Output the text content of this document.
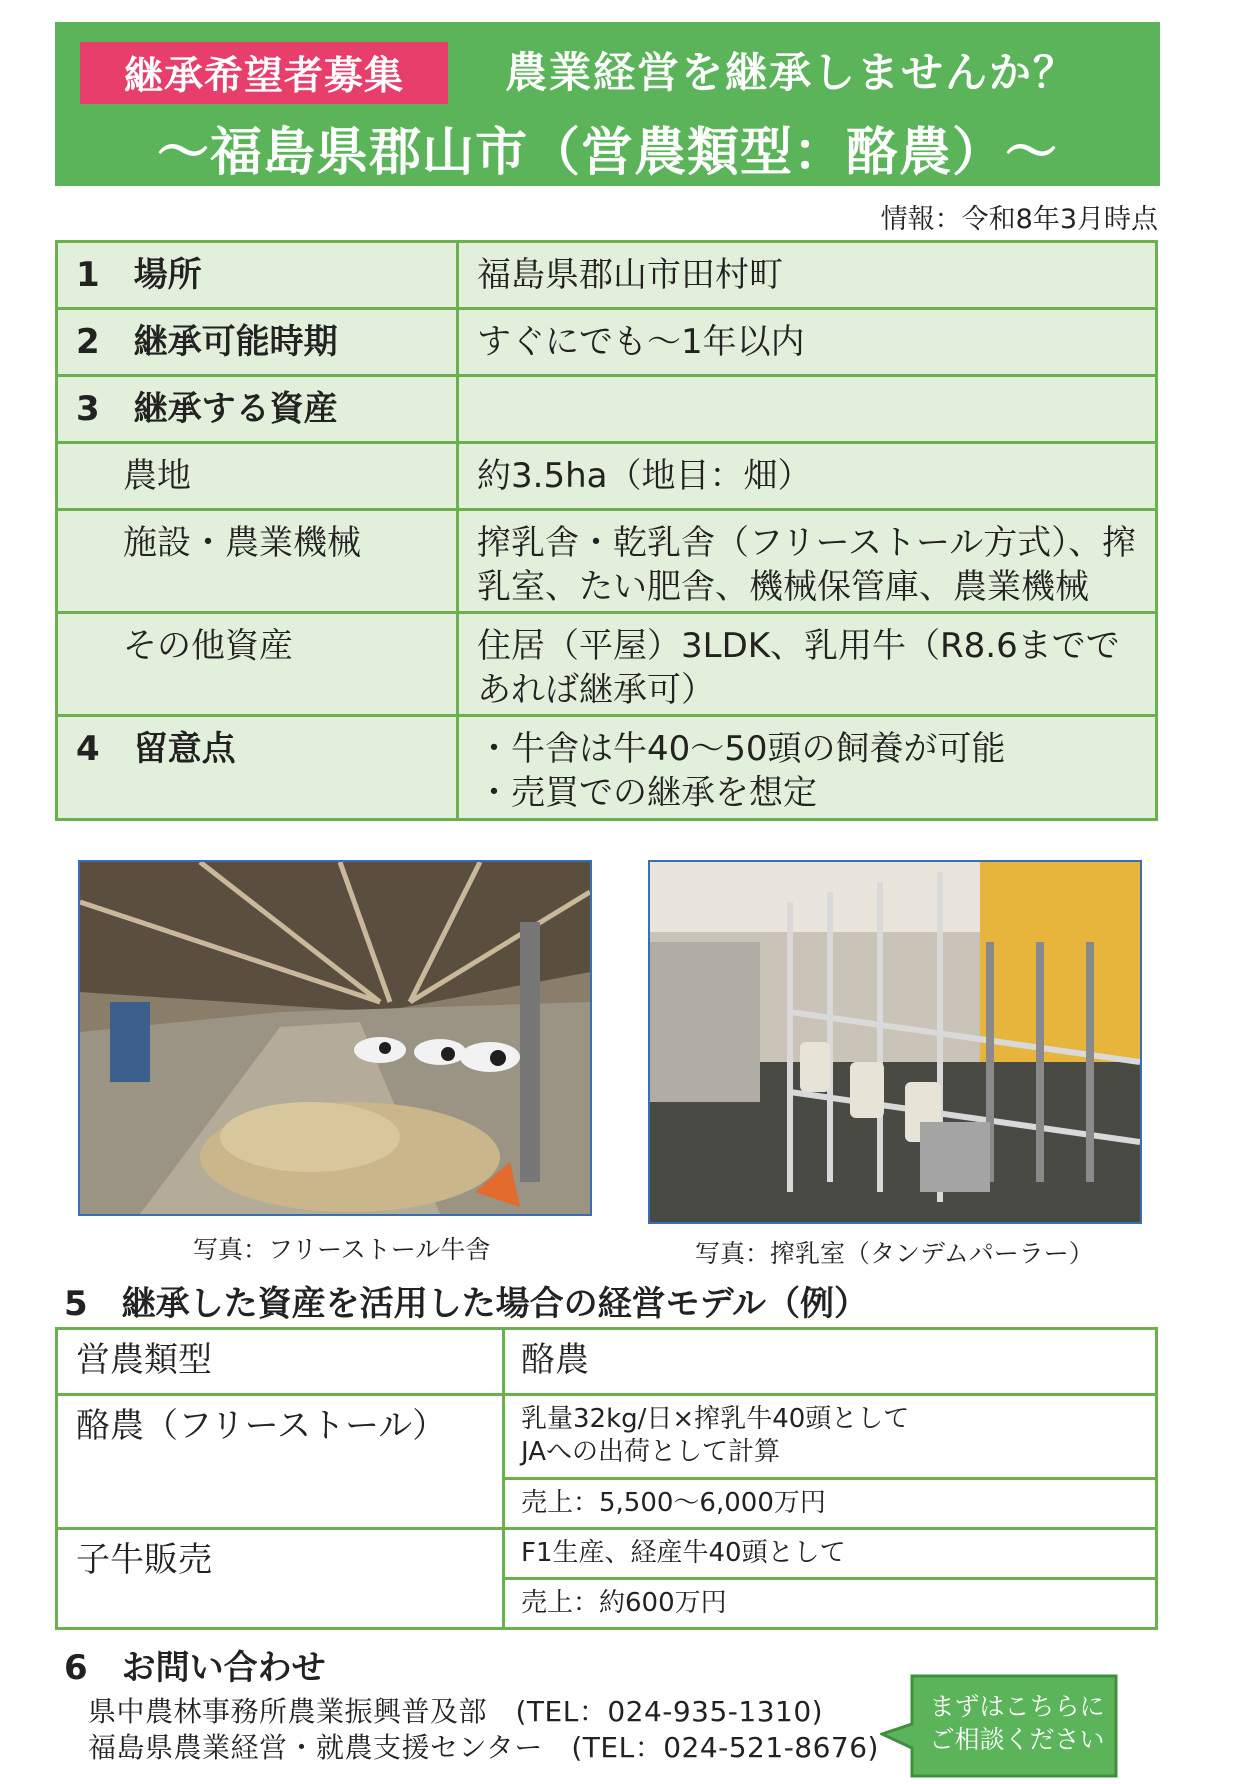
継承希望者募集	農業経営を継承しませんか？
～福島県郡山市（営農類型：酪農）～
情報：令和8年3月時点
1　場所	福島県郡山市田村町
2　継承可能時期	すぐにでも～1年以内
3　継承する資産	
農地	約3.5ha（地目：畑）
施設・農業機械	搾乳舎・乾乳舎（フリーストール方式）、搾乳室、たい肥舎、機械保管庫、農業機械
その他資産	住居（平屋）3LDK、乳用牛（R8.6までであれば継承可）
4　留意点	・牛舎は牛40～50頭の飼養が可能
・売買での継承を想定
写真：フリーストール牛舎	写真：搾乳室（タンデムパーラー）
5　継承した資産を活用した場合の経営モデル（例）
営農類型	酪農
酪農（フリーストール）	乳量32kg/日×搾乳牛40頭として
JAへの出荷として計算
	売上：5,500～6,000万円
子牛販売	F1生産、経産牛40頭として
	売上：約600万円
6　お問い合わせ
県中農林事務所農業振興普及部　(TEL：024-935-1310)
福島県農業経営・就農支援センター　(TEL：024-521-8676)
まずはこちらに
ご相談ください
